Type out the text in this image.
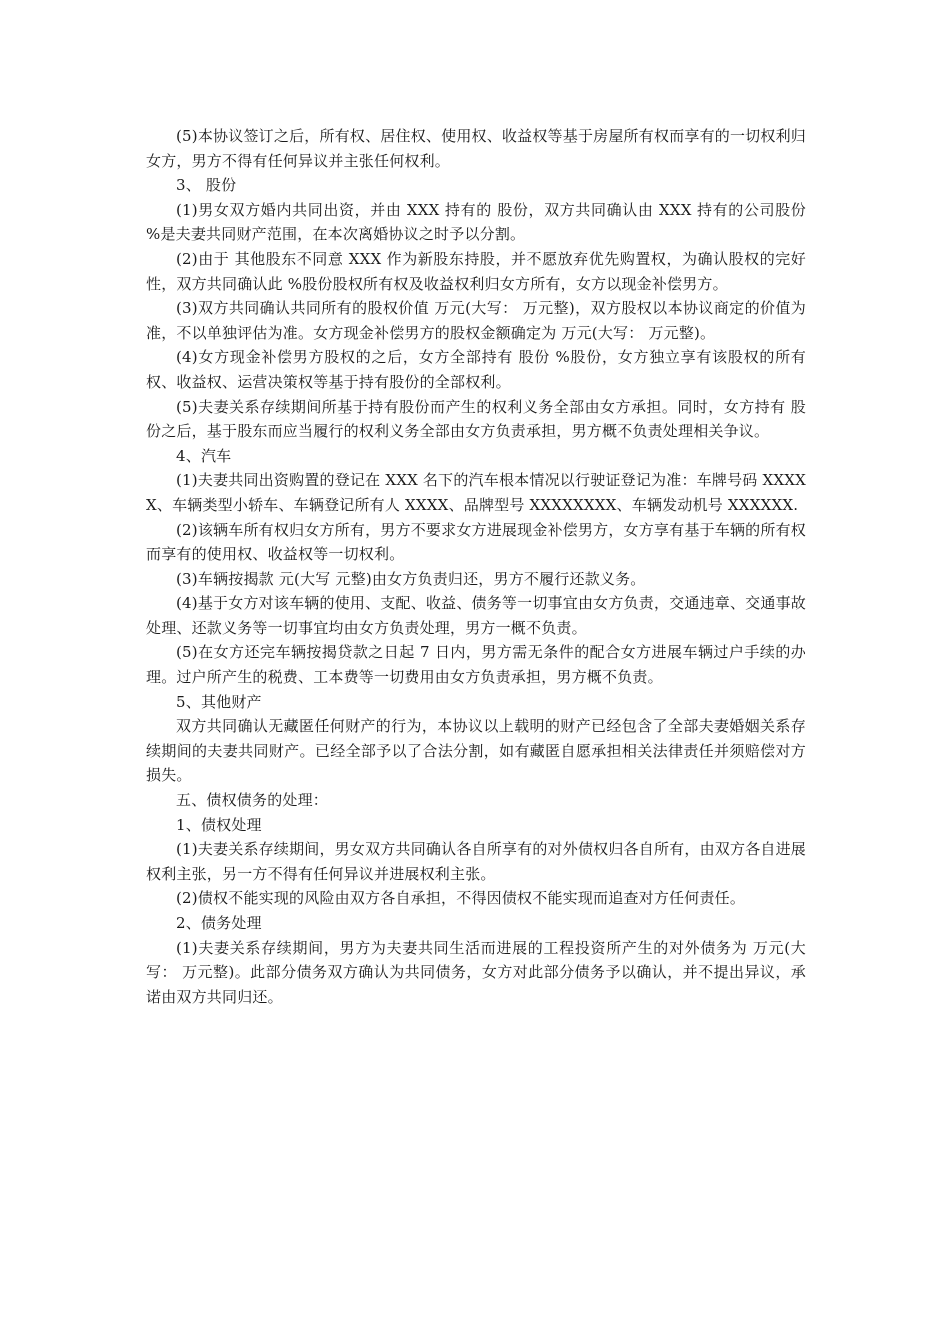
(5)本协议签订之后，所有权、居住权、使用权、收益权等基于房屋所有权而享有的一切权利归女方，男方不得有任何异议并主张任何权利。

3、 股份

(1)男女双方婚内共同出资，并由 XXX 持有的 股份，双方共同确认由 XXX 持有的公司股份 %是夫妻共同财产范围，在本次离婚协议之时予以分割。

(2)由于 其他股东不同意 XXX 作为新股东持股，并不愿放弃优先购置权，为确认股权的完好性，双方共同确认此 %股份股权所有权及收益权利归女方所有，女方以现金补偿男方。

(3)双方共同确认共同所有的股权价值 万元(大写： 万元整)，双方股权以本协议商定的价值为准，不以单独评估为准。女方现金补偿男方的股权金额确定为 万元(大写： 万元整)。

(4)女方现金补偿男方股权的之后，女方全部持有 股份 %股份，女方独立享有该股权的所有权、收益权、运营决策权等基于持有股份的全部权利。

(5)夫妻关系存续期间所基于持有股份而产生的权利义务全部由女方承担。同时，女方持有 股份之后，基于股东而应当履行的权利义务全部由女方负责承担，男方概不负责处理相关争议。

4、汽车

(1)夫妻共同出资购置的登记在 XXX 名下的汽车根本情况以行驶证登记为准：车牌号码 XXXXX、车辆类型小轿车、车辆登记所有人 XXXX、品牌型号 XXXXXXXX、车辆发动机号 XXXXXX.

(2)该辆车所有权归女方所有，男方不要求女方进展现金补偿男方，女方享有基于车辆的所有权而享有的使用权、收益权等一切权利。

(3)车辆按揭款 元(大写 元整)由女方负责归还，男方不履行还款义务。

(4)基于女方对该车辆的使用、支配、收益、债务等一切事宜由女方负责，交通违章、交通事故处理、还款义务等一切事宜均由女方负责处理，男方一概不负责。

(5)在女方还完车辆按揭贷款之日起 7 日内，男方需无条件的配合女方进展车辆过户手续的办理。过户所产生的税费、工本费等一切费用由女方负责承担，男方概不负责。

5、其他财产

双方共同确认无藏匿任何财产的行为，本协议以上载明的财产已经包含了全部夫妻婚姻关系存续期间的夫妻共同财产。已经全部予以了合法分割，如有藏匿自愿承担相关法律责任并须赔偿对方损失。

五、债权债务的处理：

1、债权处理

(1)夫妻关系存续期间，男女双方共同确认各自所享有的对外债权归各自所有，由双方各自进展权利主张，另一方不得有任何异议并进展权利主张。

(2)债权不能实现的风险由双方各自承担，不得因债权不能实现而追查对方任何责任。

2、债务处理

(1)夫妻关系存续期间，男方为夫妻共同生活而进展的工程投资所产生的对外债务为 万元(大写： 万元整)。此部分债务双方确认为共同债务，女方对此部分债务予以确认，并不提出异议，承诺由双方共同归还。
